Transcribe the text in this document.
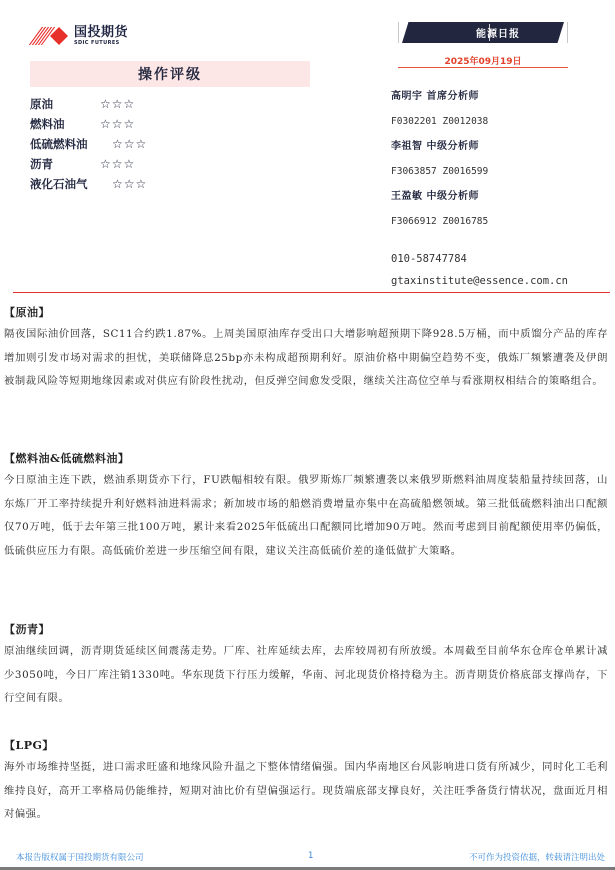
国投期货
SDIC FUTURES
能源日报
2025年09月19日
操作评级
原油	☆☆☆
燃料油	☆☆☆
低硫燃料油	☆☆☆
沥青	☆☆☆
液化石油气	☆☆☆
高明宇 首席分析师
F0302201 Z0012038
李祖智 中级分析师
F3063857 Z0016599
王盈敏 中级分析师
F3066912 Z0016785
010-58747784
gtaxinstitute@essence.com.cn
【原油】
隔夜国际油价回落，SC11合约跌1.87%。上周美国原油库存受出口大增影响超预期下降928.5万桶，而中质馏分产品的库存增加则引发市场对需求的担忧，美联储降息25bp亦未构成超预期利好。原油价格中期偏空趋势不变，俄炼厂频繁遭袭及伊朗被制裁风险等短期地缘因素或对供应有阶段性扰动，但反弹空间愈发受限，继续关注高位空单与看涨期权相结合的策略组合。
【燃料油&低硫燃料油】
今日原油主连下跌，燃油系期货亦下行，FU跌幅相较有限。俄罗斯炼厂频繁遭袭以来俄罗斯燃料油周度装船量持续回落，山东炼厂开工率持续提升利好燃料油进料需求；新加坡市场的船燃消费增量亦集中在高硫船燃领域。第三批低硫燃料油出口配额仅70万吨，低于去年第三批100万吨，累计来看2025年低硫出口配额同比增加90万吨。然而考虑到目前配额使用率仍偏低，低硫供应压力有限。高低硫价差进一步压缩空间有限，建议关注高低硫价差的逢低做扩大策略。
【沥青】
原油继续回调，沥青期货延续区间震荡走势。厂库、社库延续去库，去库较周初有所放缓。本周截至目前华东仓库仓单累计减少3050吨，今日厂库注销1330吨。华东现货下行压力缓解，华南、河北现货价格持稳为主。沥青期货价格底部支撑尚存，下行空间有限。
【LPG】
海外市场维持坚挺，进口需求旺盛和地缘风险升温之下整体情绪偏强。国内华南地区台风影响进口货有所减少，同时化工毛利维持良好，高开工率格局仍能维持，短期对油比价有望偏强运行。现货端底部支撑良好，关注旺季备货行情状况，盘面近月相对偏强。
本报告版权属于国投期货有限公司	1	不可作为投资依据，转载请注明出处
